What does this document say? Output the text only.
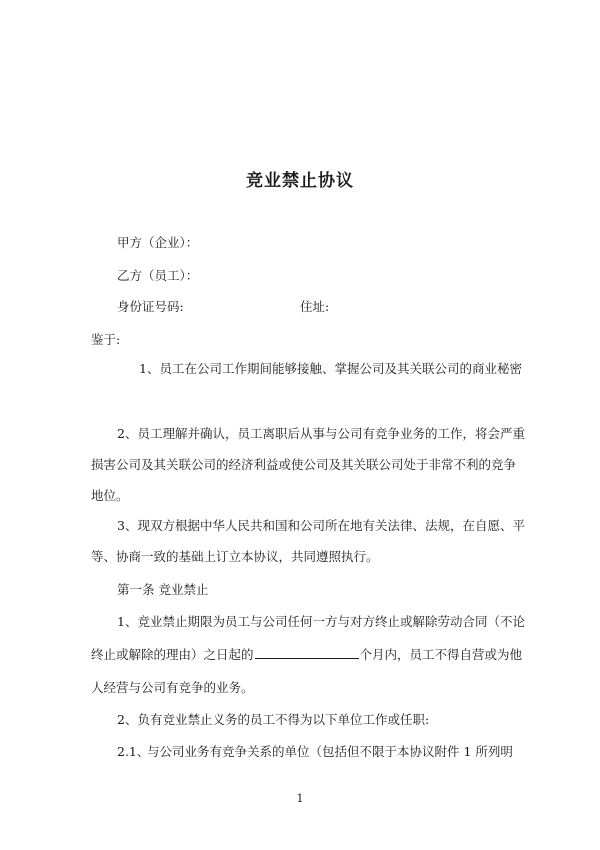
竞业禁止协议
甲方（企业）：
乙方（员工）：
身份证号码:	住址:
鉴于:
1、员工在公司工作期间能够接触、掌握公司及其关联公司的商业秘密
2、员工理解并确认，员工离职后从事与公司有竞争业务的工作，将会严重
损害公司及其关联公司的经济利益或使公司及其关联公司处于非常不利的竞争
地位。
3、现双方根据中华人民共和国和公司所在地有关法律、法规，在自愿、平
等、协商一致的基础上订立本协议，共同遵照执行。
第一条 竞业禁止
1、竞业禁止期限为员工与公司任何一方与对方终止或解除劳动合同（不论
终止或解除的理由）之日起的	个月内，员工不得自营或为他
人经营与公司有竞争的业务。
2、负有竞业禁止义务的员工不得为以下单位工作或任职:
2.1、
与公司业务有竞争关系的单位（包括但不限于本协议附件 1 所列明
1
